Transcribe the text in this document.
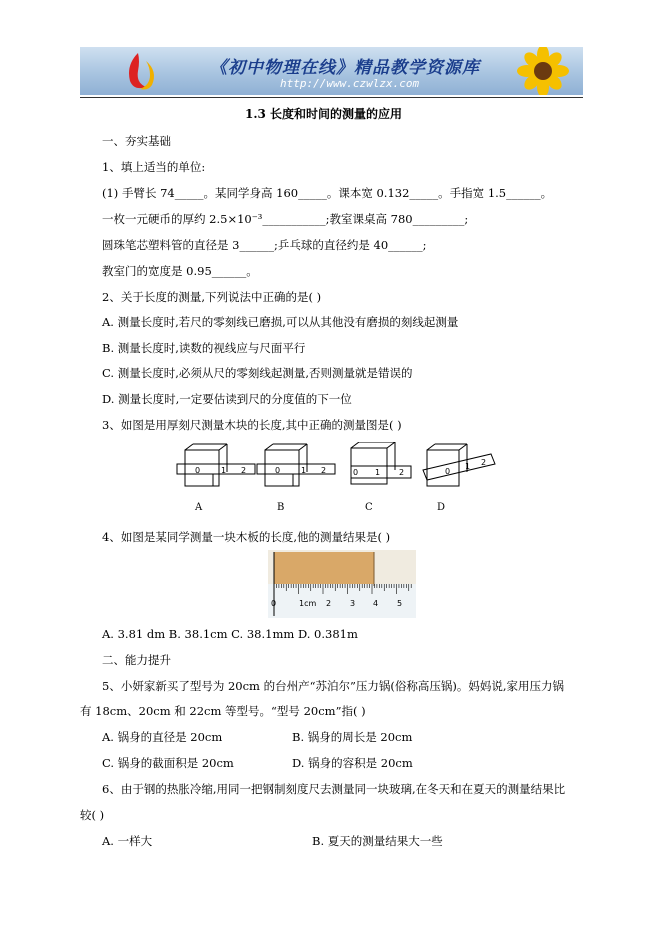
《初中物理在线》精品教学资源库
http://www.czwlzx.com
1.3 长度和时间的测量的应用
一、夯实基础
1、填上适当的单位:
(1) 手臂长 74_____。某同学身高 160_____。课本宽 0.132_____。手指宽 1.5______。
一枚一元硬币的厚约 2.5×10⁻³___________;教室课桌高 780_________;
圆珠笔芯塑料管的直径是 3______;乒乓球的直径约是 40______;
教室门的宽度是 0.95______。
2、关于长度的测量,下列说法中正确的是( )
A. 测量长度时,若尺的零刻线已磨损,可以从其他没有磨损的刻线起测量
B. 测量长度时,读数的视线应与尺面平行
C. 测量长度时,必须从尺的零刻线起测量,否则测量就是错误的
D. 测量长度时,一定要估读到尺的分度值的下一位
3、如图是用厚刻尺测量木块的长度,其中正确的测量图是( )
0	1 2	0	1 2	0 1 2	0
1 2
A	B	C	D
4、如图是某同学测量一块木板的长度,他的测量结果是( )
0	1cm 2 3 4 5
A. 3.81 dm B. 38.1cm C. 38.1mm D. 0.381m
二、能力提升
5、小妍家新买了型号为 20cm 的台州产“苏泊尔”压力锅(俗称高压锅)。妈妈说,家用压力锅
有 18cm、20cm 和 22cm 等型号。“型号 20cm”指( )
A. 锅身的直径是 20cm	B. 锅身的周长是 20cm
C. 锅身的截面积是 20cm	D. 锅身的容积是 20cm
6、由于钢的热胀冷缩,用同一把钢制刻度尺去测量同一块玻璃,在冬天和在夏天的测量结果比
较( )
A. 一样大	B. 夏天的测量结果大一些
